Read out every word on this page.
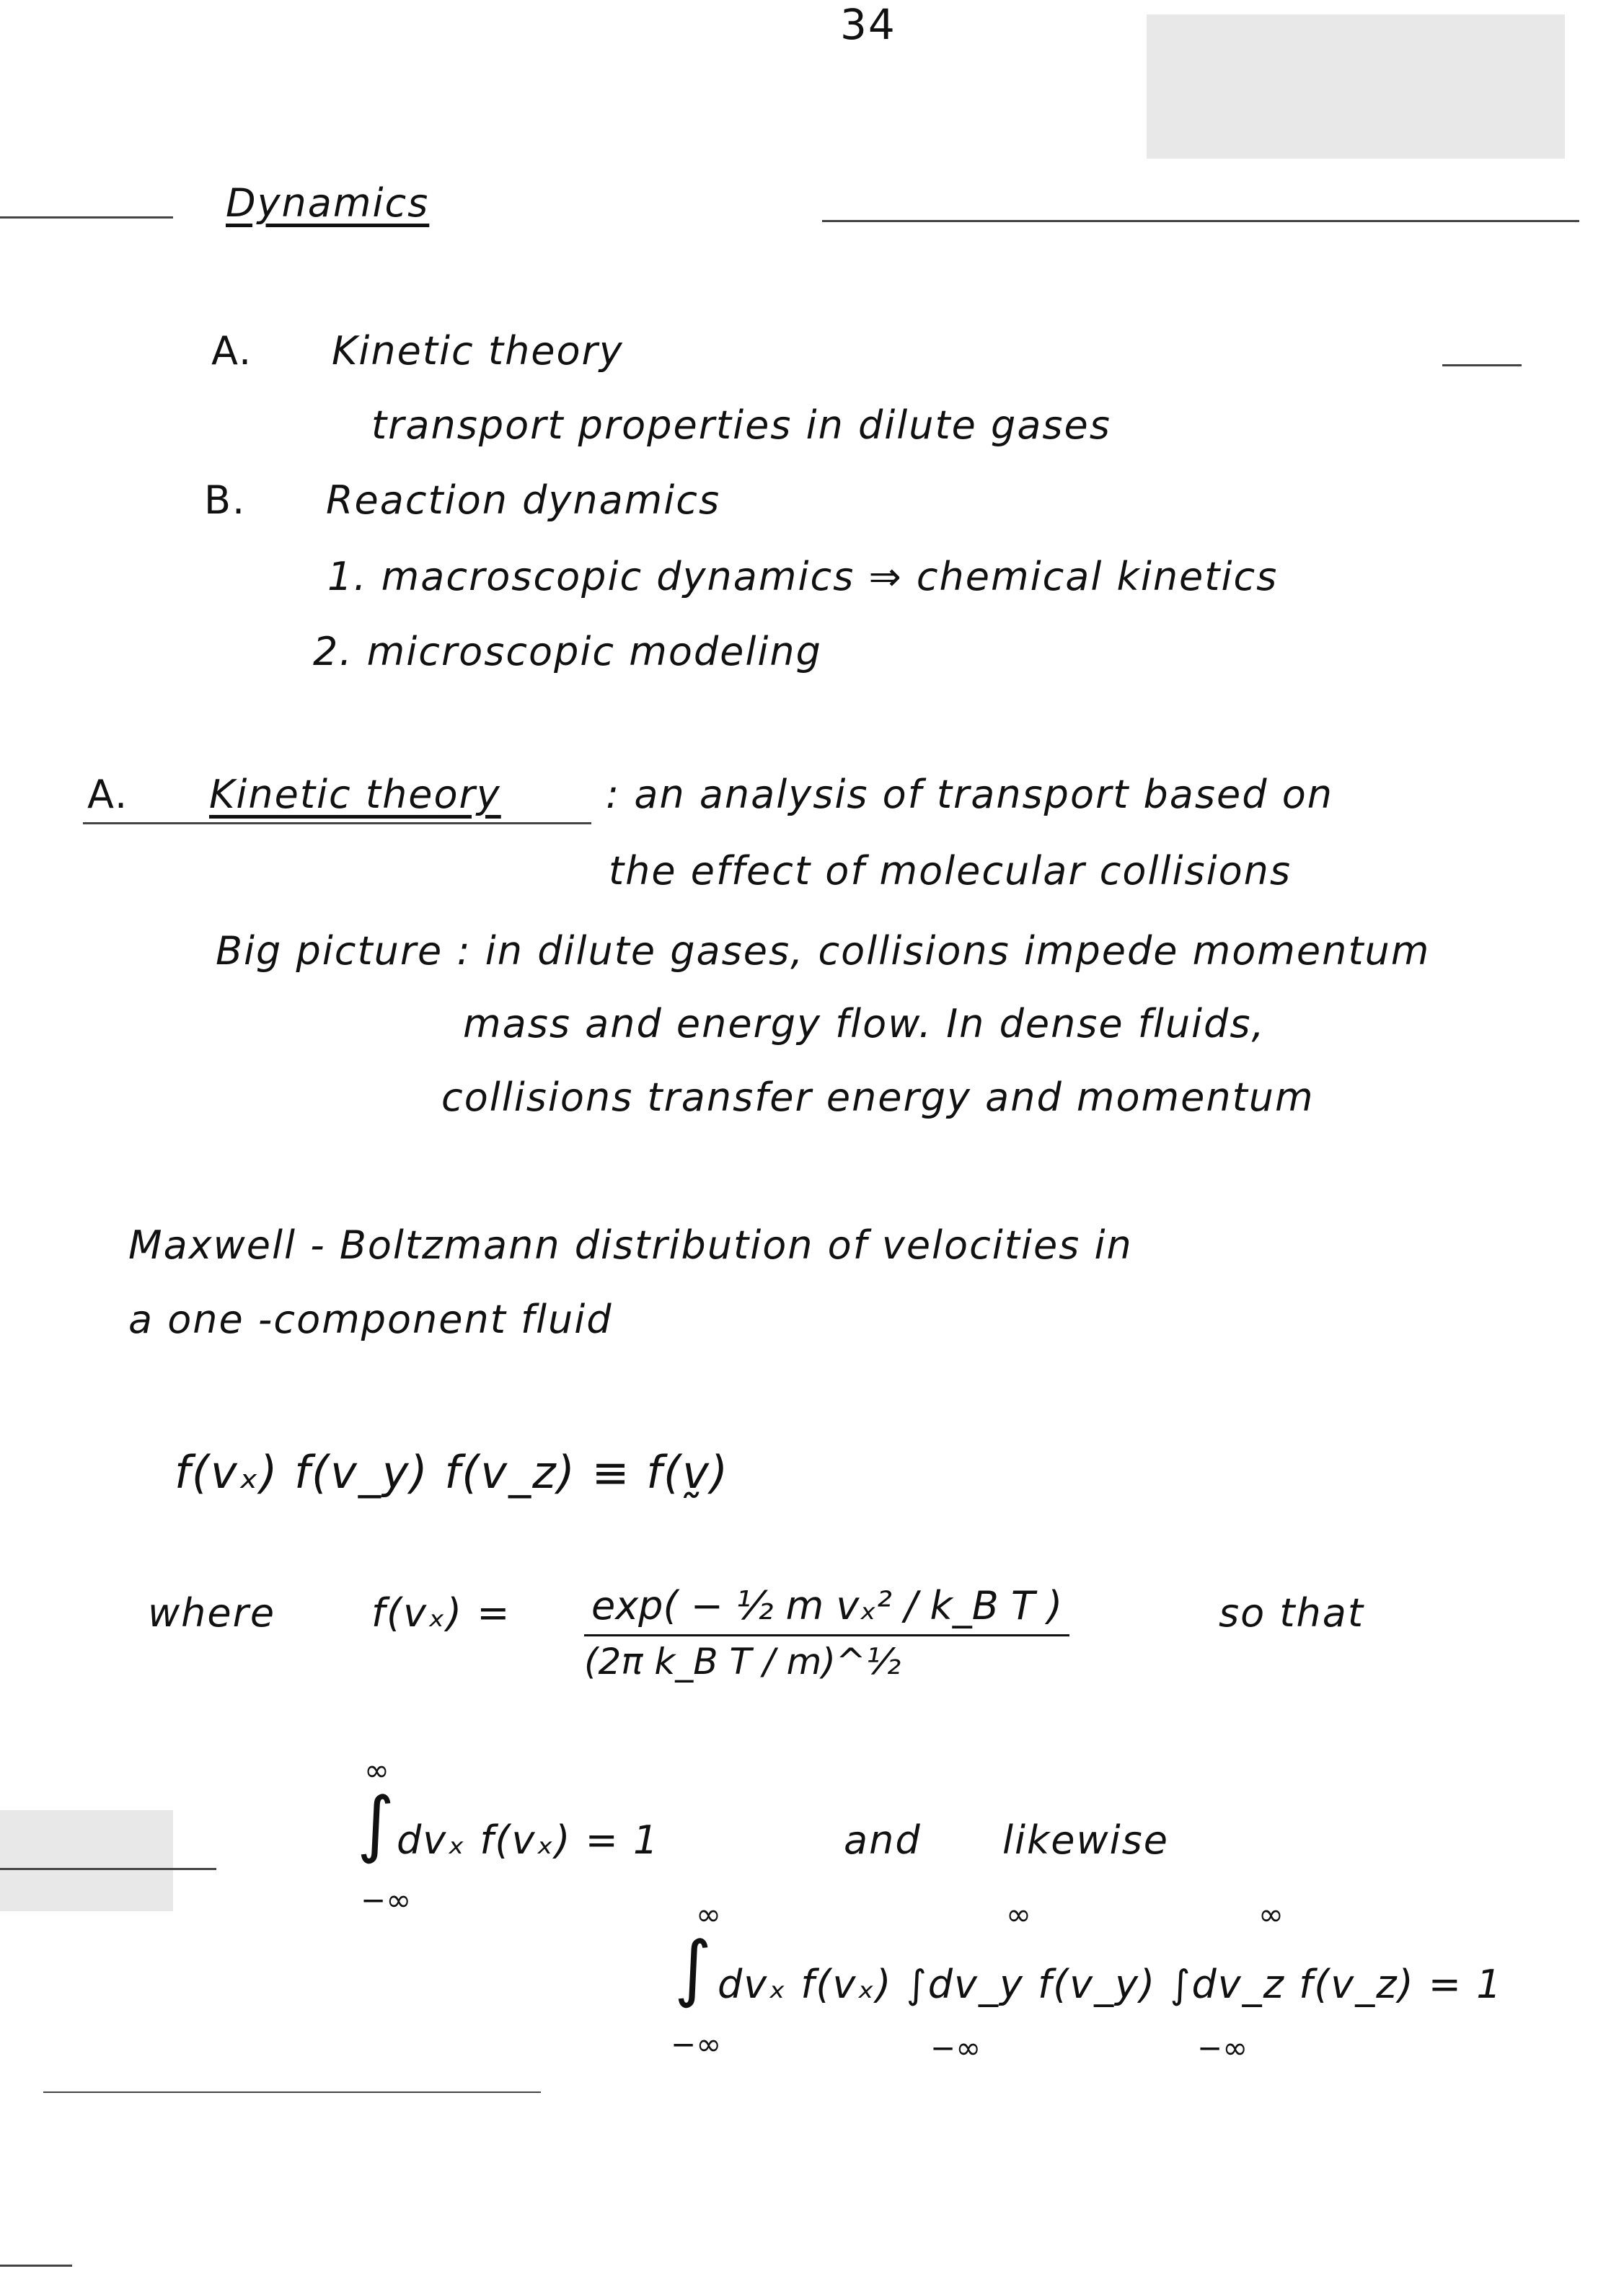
34
Dynamics
A. Kinetic theory
transport properties in dilute gases
B. Reaction dynamics
1. macroscopic dynamics ⇒ chemical kinetics
2. microscopic modeling
A. Kinetic theory	: an analysis of transport based on
the effect of molecular collisions
Big picture : in dilute gases, collisions impede momentum
mass and energy flow. In dense fluids,
collisions transfer energy and momentum
Maxwell - Boltzmann distribution of velocities in
a one -component fluid
f(vₓ) f(v_y) f(v_z) ≡ f(v̰)
where $f(v_x) = \frac{\text{exp( − ½ m vₓ² / k\_B T )}}{\text{(2π k\_B T / m)\textasciicircum{}½}}$	so that
∞
∫
−∞
dvₓ f(vₓ) = 1	and likewise
∞
∫
−∞
dvₓ f(vₓ) ∫dv_y f(v_y) ∫dv_z f(v_z) = 1
∞
−∞
∞
−∞
